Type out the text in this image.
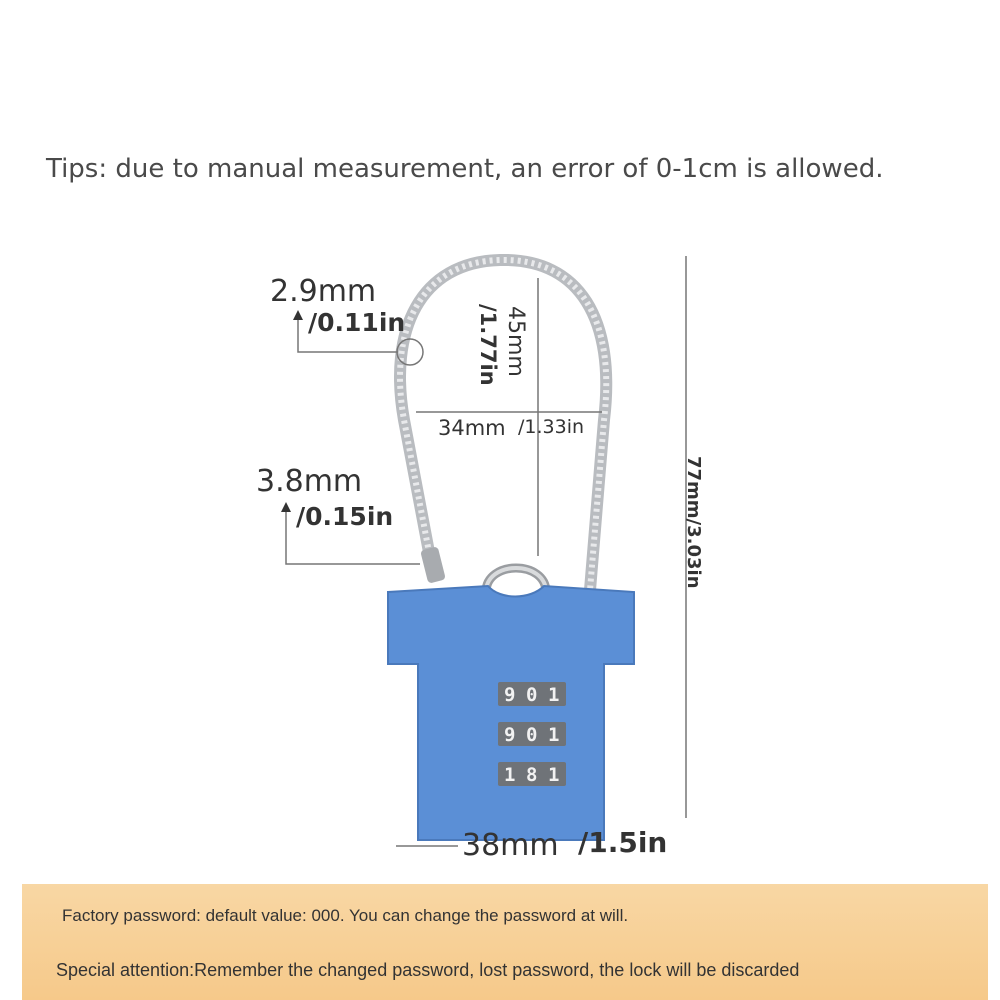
Tips: due to manual measurement, an error of 0-1cm is allowed.
9 0 1
9 0 1
1 8 1
2.9mm
/0.11in
3.8mm
/0.15in
45mm
/1.77in
34mm /1.33in
77mm/3.03in
38mm /1.5in
Factory password: default value: 000. You can change the password at will.
Special attention:Remember the changed password, lost password, the lock will be discarded
